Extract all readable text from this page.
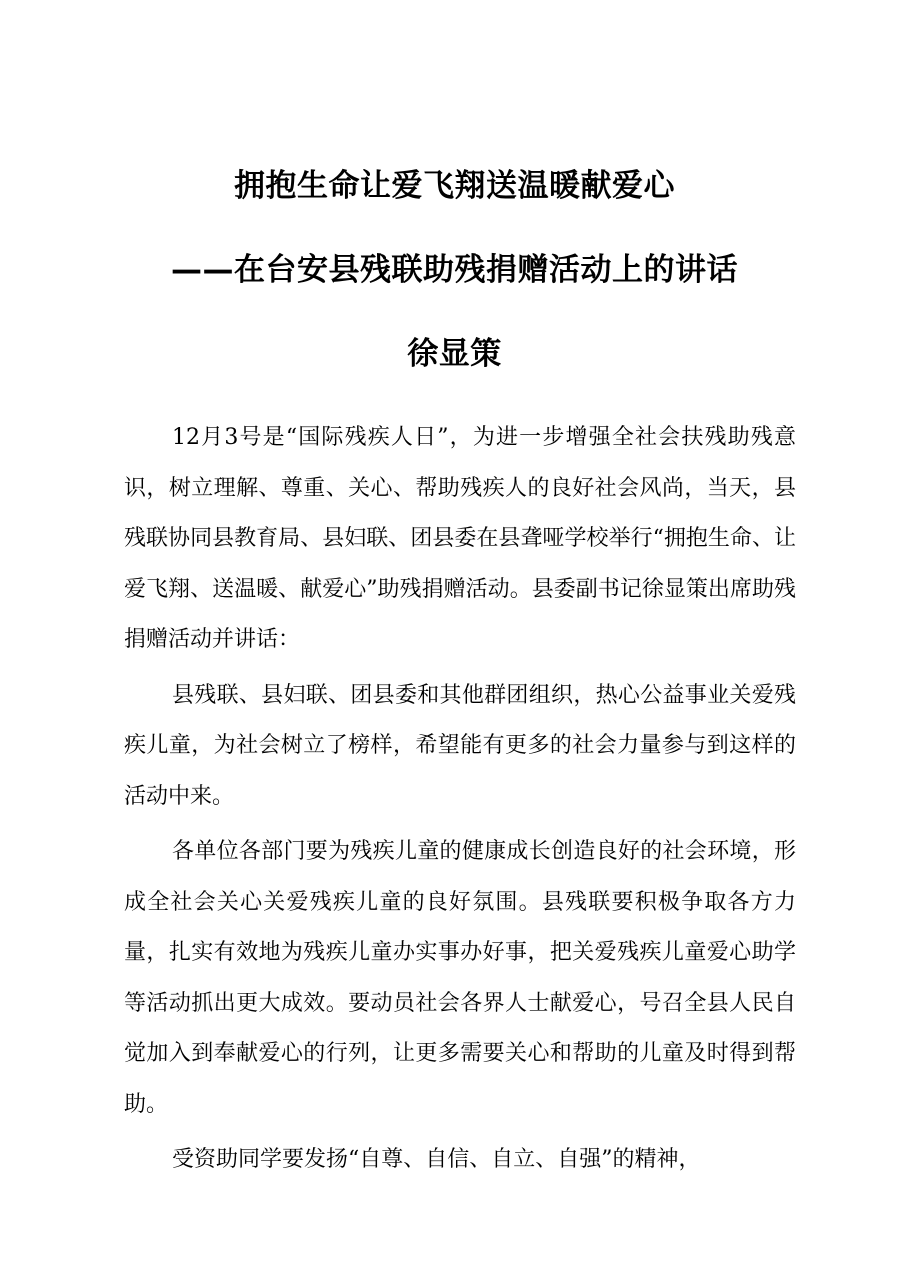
拥抱生命让爱飞翔送温暖献爱心
——在台安县残联助残捐赠活动上的讲话
徐显策

12月3号是“国际残疾人日”，为进一步增强全社会扶残助残意识，树立理解、尊重、关心、帮助残疾人的良好社会风尚，当天，县残联协同县教育局、县妇联、团县委在县聋哑学校举行“拥抱生命、让爱飞翔、送温暖、献爱心”助残捐赠活动。县委副书记徐显策出席助残捐赠活动并讲话：

县残联、县妇联、团县委和其他群团组织，热心公益事业关爱残疾儿童，为社会树立了榜样，希望能有更多的社会力量参与到这样的活动中来。

各单位各部门要为残疾儿童的健康成长创造良好的社会环境，形成全社会关心关爱残疾儿童的良好氛围。县残联要积极争取各方力量，扎实有效地为残疾儿童办实事办好事，把关爱残疾儿童爱心助学等活动抓出更大成效。要动员社会各界人士献爱心，号召全县人民自觉加入到奉献爱心的行列，让更多需要关心和帮助的儿童及时得到帮助。

受资助同学要发扬“自尊、自信、自立、自强”的精神，
